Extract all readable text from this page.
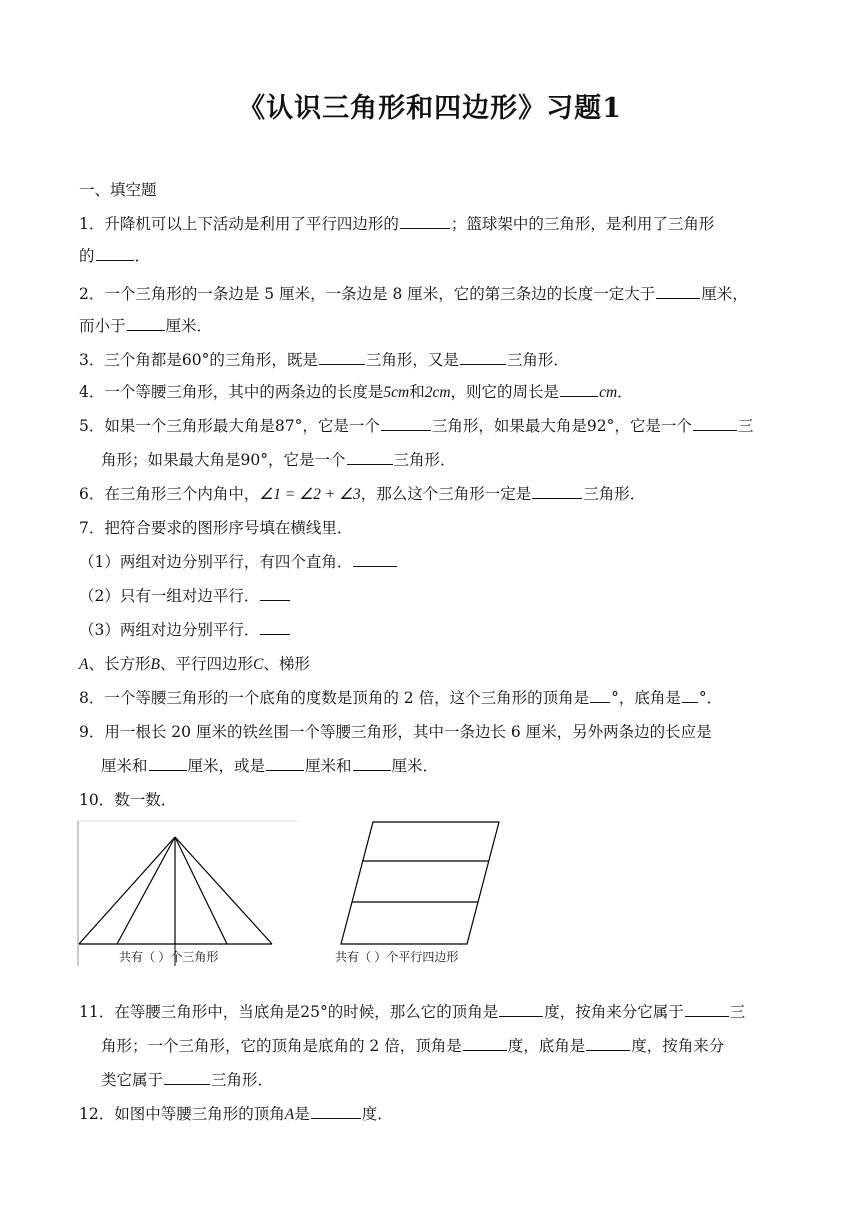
《认识三角形和四边形》习题1
一、填空题
1．升降机可以上下活动是利用了平行四边形的	；篮球架中的三角形，是利用了三角形
的	．
2．一个三角形的一条边是 5 厘米，一条边是 8 厘米，它的第三条边的长度一定大于	厘米，
而小于	厘米．
3．三个角都是60°的三角形，既是	三角形，又是	三角形．
4．一个等腰三角形，其中的两条边的长度是5cm和2cm，则它的周长是	cm．
5．如果一个三角形最大角是87°，它是一个	三角形，如果最大角是92°，它是一个	三
角形；如果最大角是90°，它是一个	三角形．
6．在三角形三个内角中，∠1 = ∠2 + ∠3，那么这个三角形一定是	三角形．
7．把符合要求的图形序号填在横线里．
（1）两组对边分别平行，有四个直角．
（2）只有一组对边平行．
（3）两组对边分别平行．
A、长方形B、平行四边形C、梯形
8．一个等腰三角形的一个底角的度数是顶角的 2 倍，这个三角形的顶角是 °，底角是 °．
9．用一根长 20 厘米的铁丝围一个等腰三角形，其中一条边长 6 厘米，另外两条边的长应是
厘米和	厘米，或是	厘米和	厘米．
10．数一数．
共有（ ）个三角形	共有（ ）个平行四边形
11．在等腰三角形中，当底角是25°的时候，那么它的顶角是	度，按角来分它属于	三
角形；一个三角形，它的顶角是底角的 2 倍，顶角是	度，底角是	度，按角来分
类它属于	三角形．
12．如图中等腰三角形的顶角A是	度．
